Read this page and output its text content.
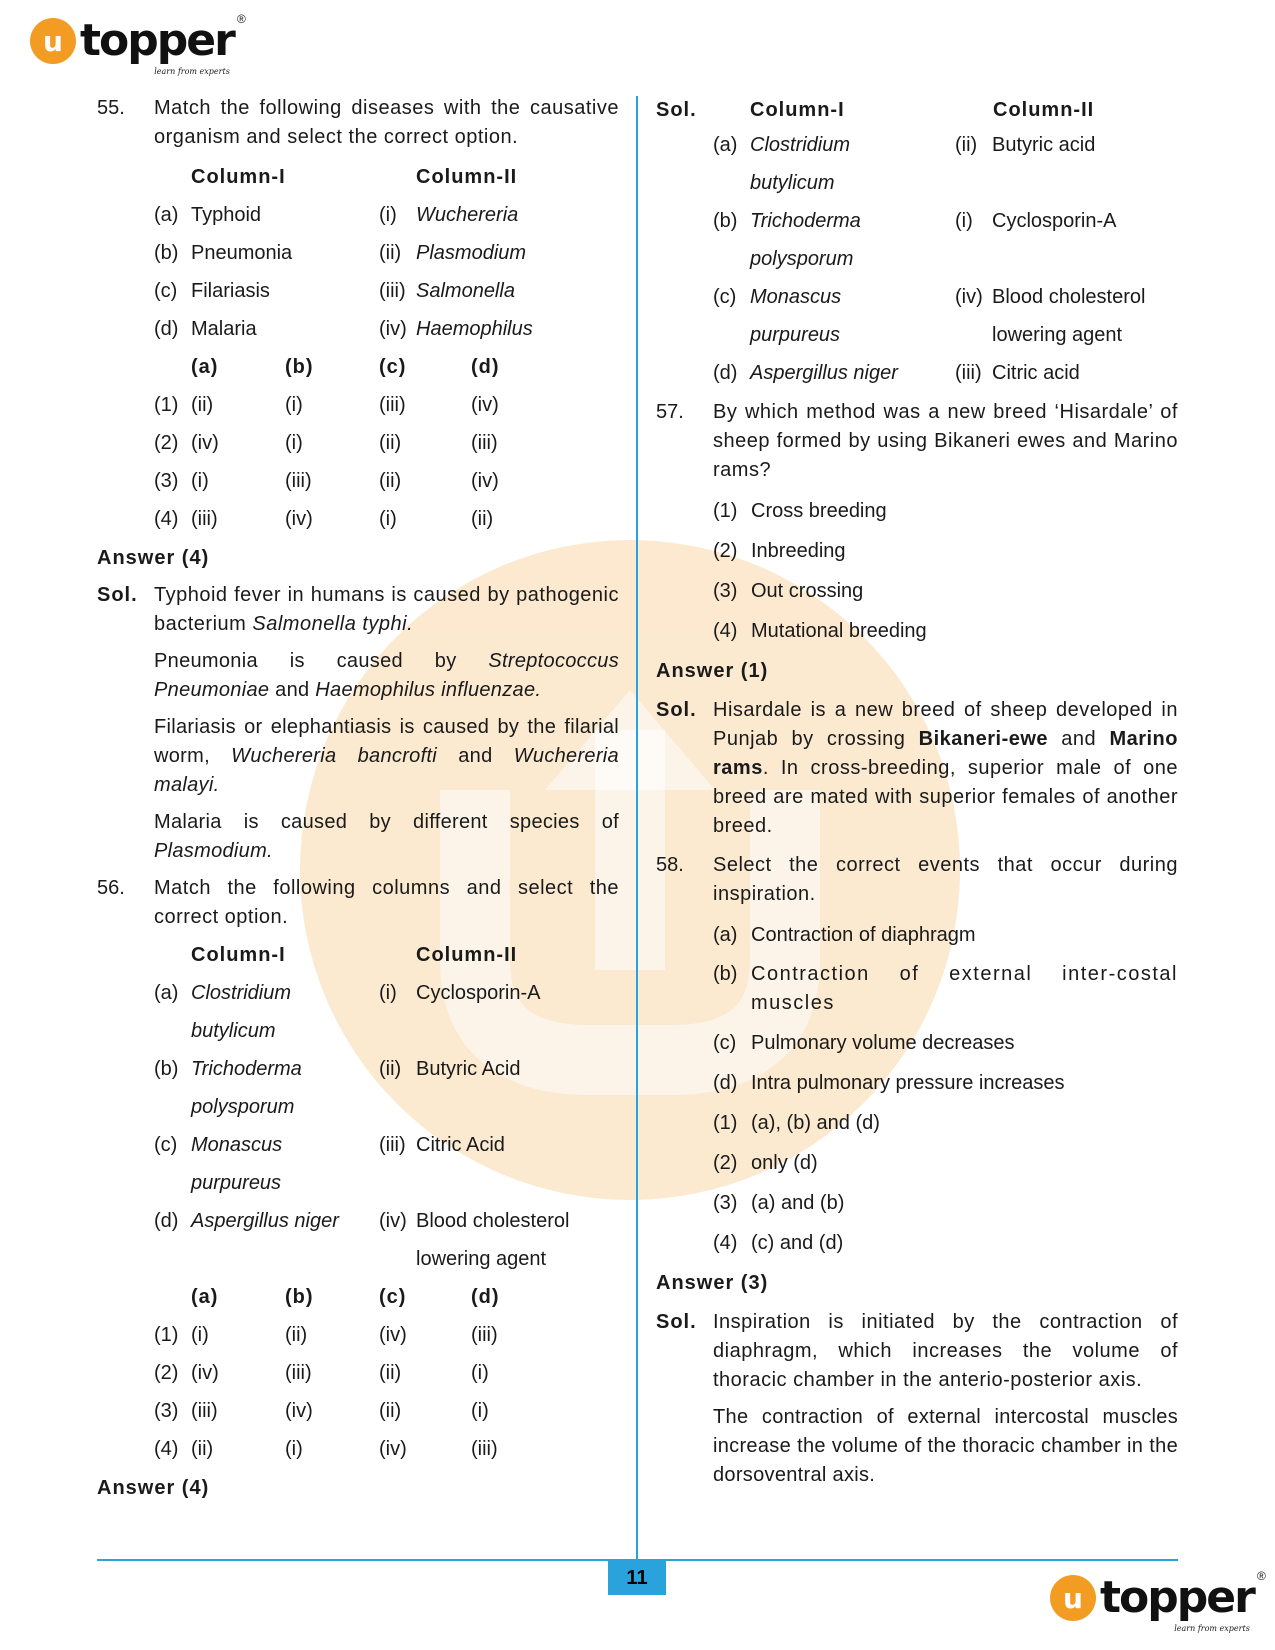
u topper ®
learn from experts
11
u topper ®
learn from experts
55.	Match the following diseases with the causative organism and select the correct option.
Column-I	Column-II
(a) Typhoid	(i) Wuchereria
(b) Pneumonia	(ii) Plasmodium
(c) Filariasis	(iii) Salmonella
(d) Malaria	(iv) Haemophilus
(a)	(b)	(c)	(d)
(1) (ii)	(i)	(iii)	(iv)
(2) (iv)	(i)	(ii)	(iii)
(3) (i)	(iii)	(ii)	(iv)
(4) (iii)	(iv)	(i)	(ii)
Answer (4)
Sol. Typhoid fever in humans is caused by pathogenic bacterium Salmonella typhi.
Pneumonia is caused by Streptococcus Pneumoniae and Haemophilus influenzae.
Filariasis or elephantiasis is caused by the filarial worm, Wuchereria bancrofti and Wuchereria malayi.
Malaria is caused by different species of Plasmodium.
56.	Match the following columns and select the correct option.
Column-I	Column-II
(a) Clostridium	(i) Cyclosporin-A
butylicum
(b) Trichoderma	(ii) Butyric Acid
polysporum
(c) Monascus	(iii) Citric Acid
purpureus
(d) Aspergillus niger	(iv) Blood cholesterol
lowering agent
(a)	(b)	(c)	(d)
(1) (i)	(ii)	(iv)	(iii)
(2) (iv)	(iii)	(ii)	(i)
(3) (iii)	(iv)	(ii)	(i)
(4) (ii)	(i)	(iv)	(iii)
Answer (4)
Sol.	Column-I	Column-II
(a) Clostridium	(ii) Butyric acid
butylicum
(b) Trichoderma	(i) Cyclosporin-A
polysporum
(c) Monascus	(iv) Blood cholesterol
purpureus	lowering agent
(d) Aspergillus niger	(iii) Citric acid
57.	By which method was a new breed ‘Hisardale’ of sheep formed by using Bikaneri ewes and Marino rams?
(1) Cross breeding
(2) Inbreeding
(3) Out crossing
(4) Mutational breeding
Answer (1)
Sol. Hisardale is a new breed of sheep developed in Punjab by crossing Bikaneri-ewe and Marino rams. In cross-breeding, superior male of one breed are mated with superior females of another breed.
58.	Select the correct events that occur during inspiration.
(a) Contraction of diaphragm
(b) Contraction of external inter-costal muscles
(c) Pulmonary volume decreases
(d) Intra pulmonary pressure increases
(1) (a), (b) and (d)
(2) only (d)
(3) (a) and (b)
(4) (c) and (d)
Answer (3)
Sol. Inspiration is initiated by the contraction of diaphragm, which increases the volume of thoracic chamber in the anterio-posterior axis.
The contraction of external intercostal muscles increase the volume of the thoracic chamber in the dorsoventral axis.
